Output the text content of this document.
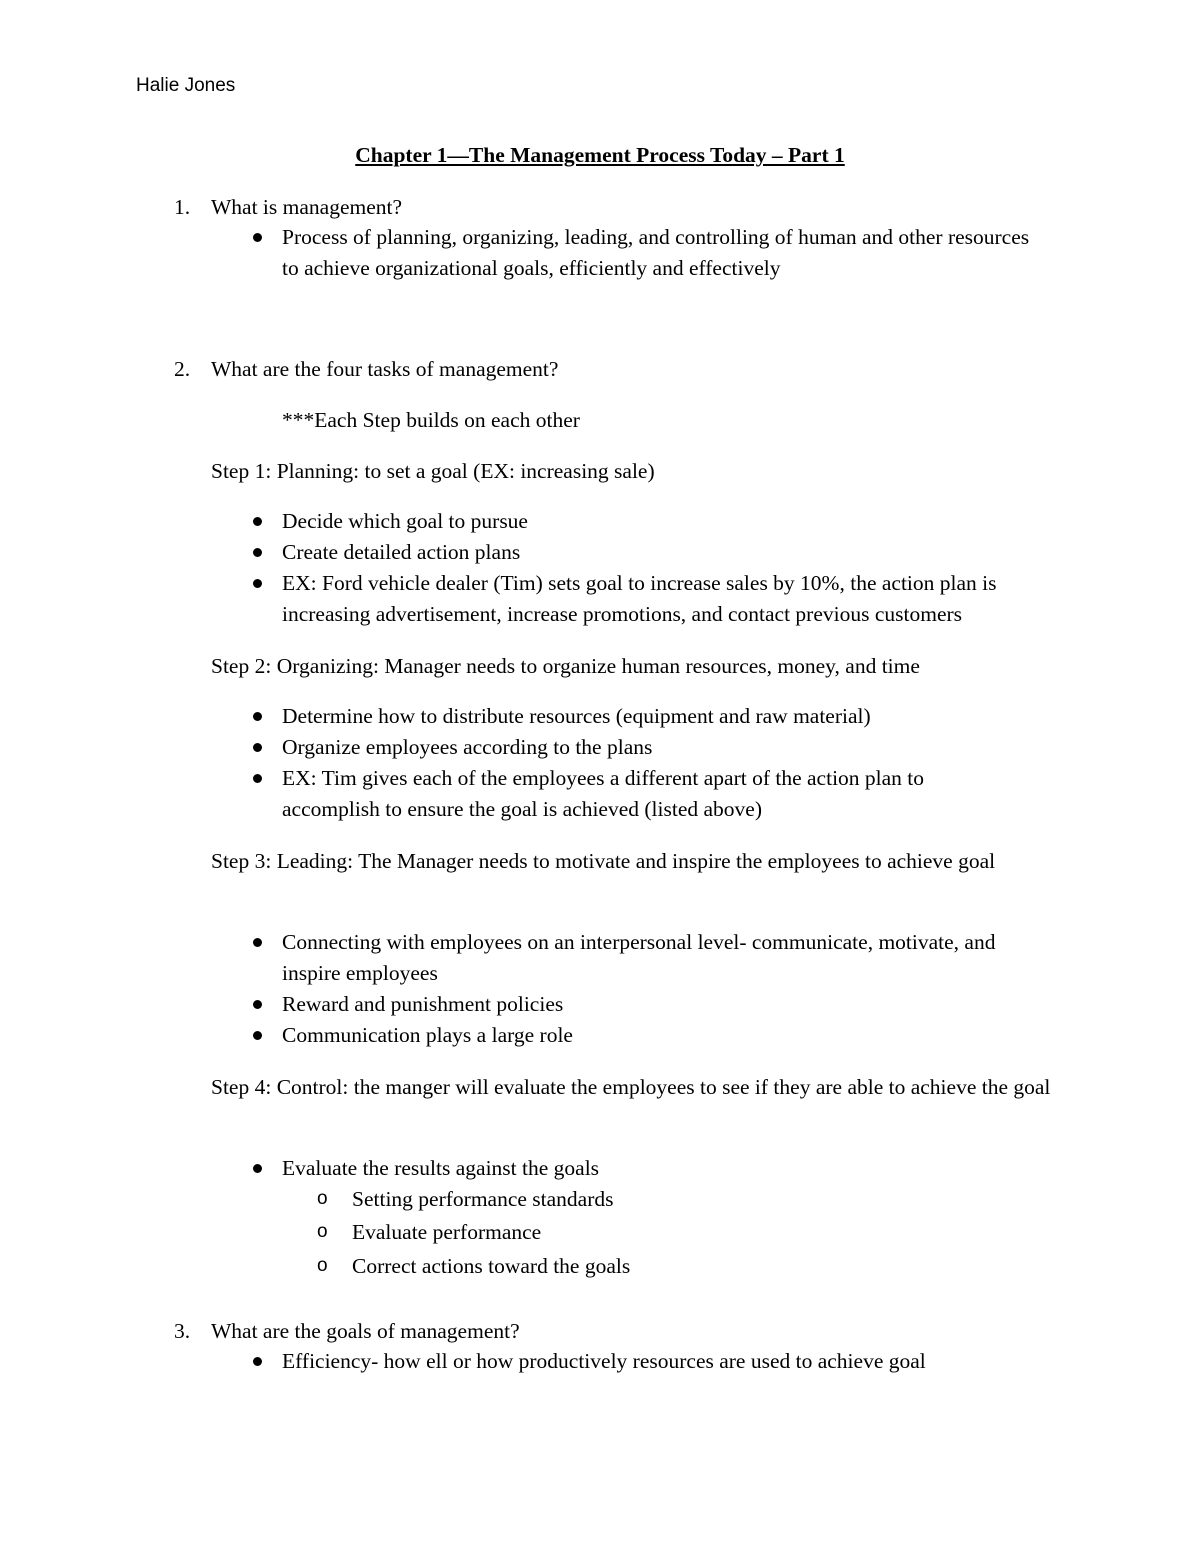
Halie Jones
Chapter 1—The Management Process Today – Part 1
1. What is management?
Process of planning, organizing, leading, and controlling of human and other resources to achieve organizational goals, efficiently and effectively
2. What are the four tasks of management?
***Each Step builds on each other
Step 1: Planning: to set a goal (EX: increasing sale)
Decide which goal to pursue
Create detailed action plans
EX: Ford vehicle dealer (Tim) sets goal to increase sales by 10%, the action plan is increasing advertisement, increase promotions, and contact previous customers
Step 2: Organizing: Manager needs to organize human resources, money, and time
Determine how to distribute resources (equipment and raw material)
Organize employees according to the plans
EX: Tim gives each of the employees a different apart of the action plan to accomplish to ensure the goal is achieved (listed above)
Step 3: Leading: The Manager needs to motivate and inspire the employees to achieve goal
Connecting with employees on an interpersonal level- communicate, motivate, and inspire employees
Reward and punishment policies
Communication plays a large role
Step 4: Control: the manger will evaluate the employees to see if they are able to achieve the goal
Evaluate the results against the goals
o Setting performance standards
o Evaluate performance
o Correct actions toward the goals
3. What are the goals of management?
Efficiency- how ell or how productively resources are used to achieve goal
